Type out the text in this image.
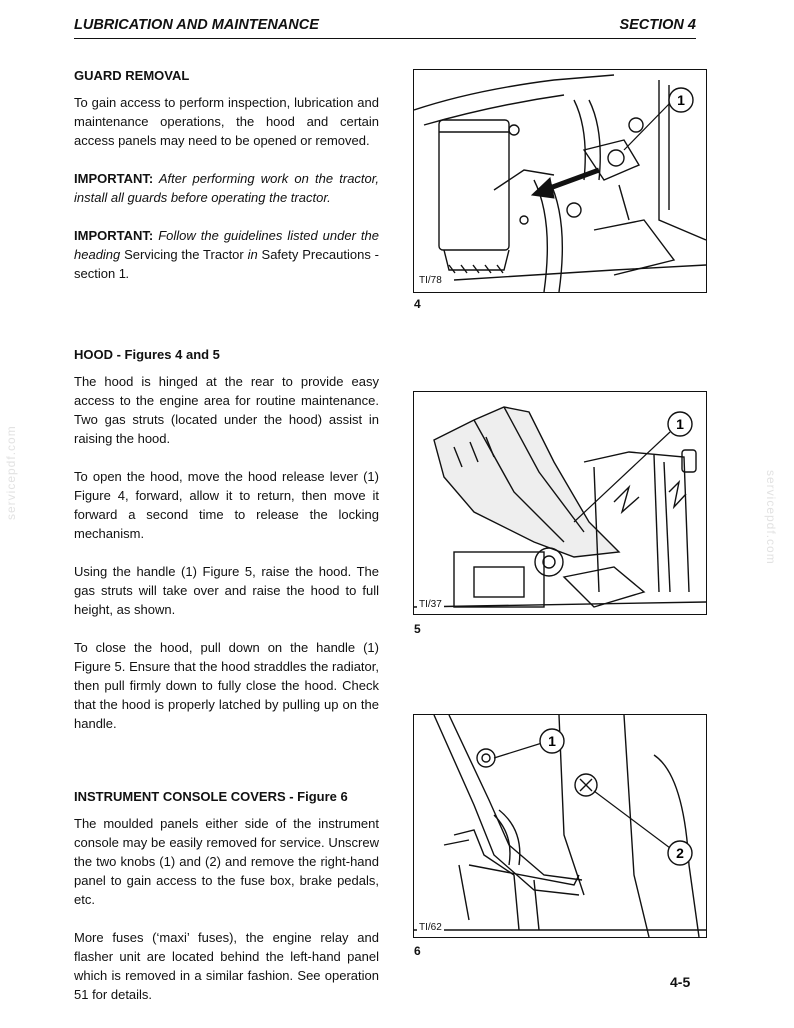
LUBRICATION AND MAINTENANCE	SECTION 4
servicepdf.com	servicepdf.com
GUARD REMOVAL

To gain access to perform inspection, lubrication and maintenance operations, the hood and certain access panels may need to be opened or removed.

IMPORTANT: After performing work on the tractor, install all guards before operating the tractor.

IMPORTANT: Follow the guidelines listed under the heading Servicing the Tractor in Safety Precautions - section 1.

HOOD - Figures 4 and 5

The hood is hinged at the rear to provide easy access to the engine area for routine maintenance. Two gas struts (located under the hood) assist in raising the hood.

To open the hood, move the hood release lever (1) Figure 4, forward, allow it to return, then move it forward a second time to release the locking mechanism.

Using the handle (1) Figure 5, raise the hood. The gas struts will take over and raise the hood to full height, as shown.

To close the hood, pull down on the handle (1) Figure 5. Ensure that the hood straddles the radiator, then pull firmly down to fully close the hood. Check that the hood is properly latched by pulling up on the handle.

INSTRUMENT CONSOLE COVERS - Figure 6

The moulded panels either side of the instrument console may be easily removed for service. Unscrew the two knobs (1) and (2) and remove the right-hand panel to gain access to the fuse box, brake pedals, etc.

More fuses (‘maxi’ fuses), the engine relay and flasher unit are located behind the left-hand panel which is removed in a similar fashion. See operation 51 for details.

1
TI/78
4
1
TI/37
5
1
2
TI/62
6
4-5
